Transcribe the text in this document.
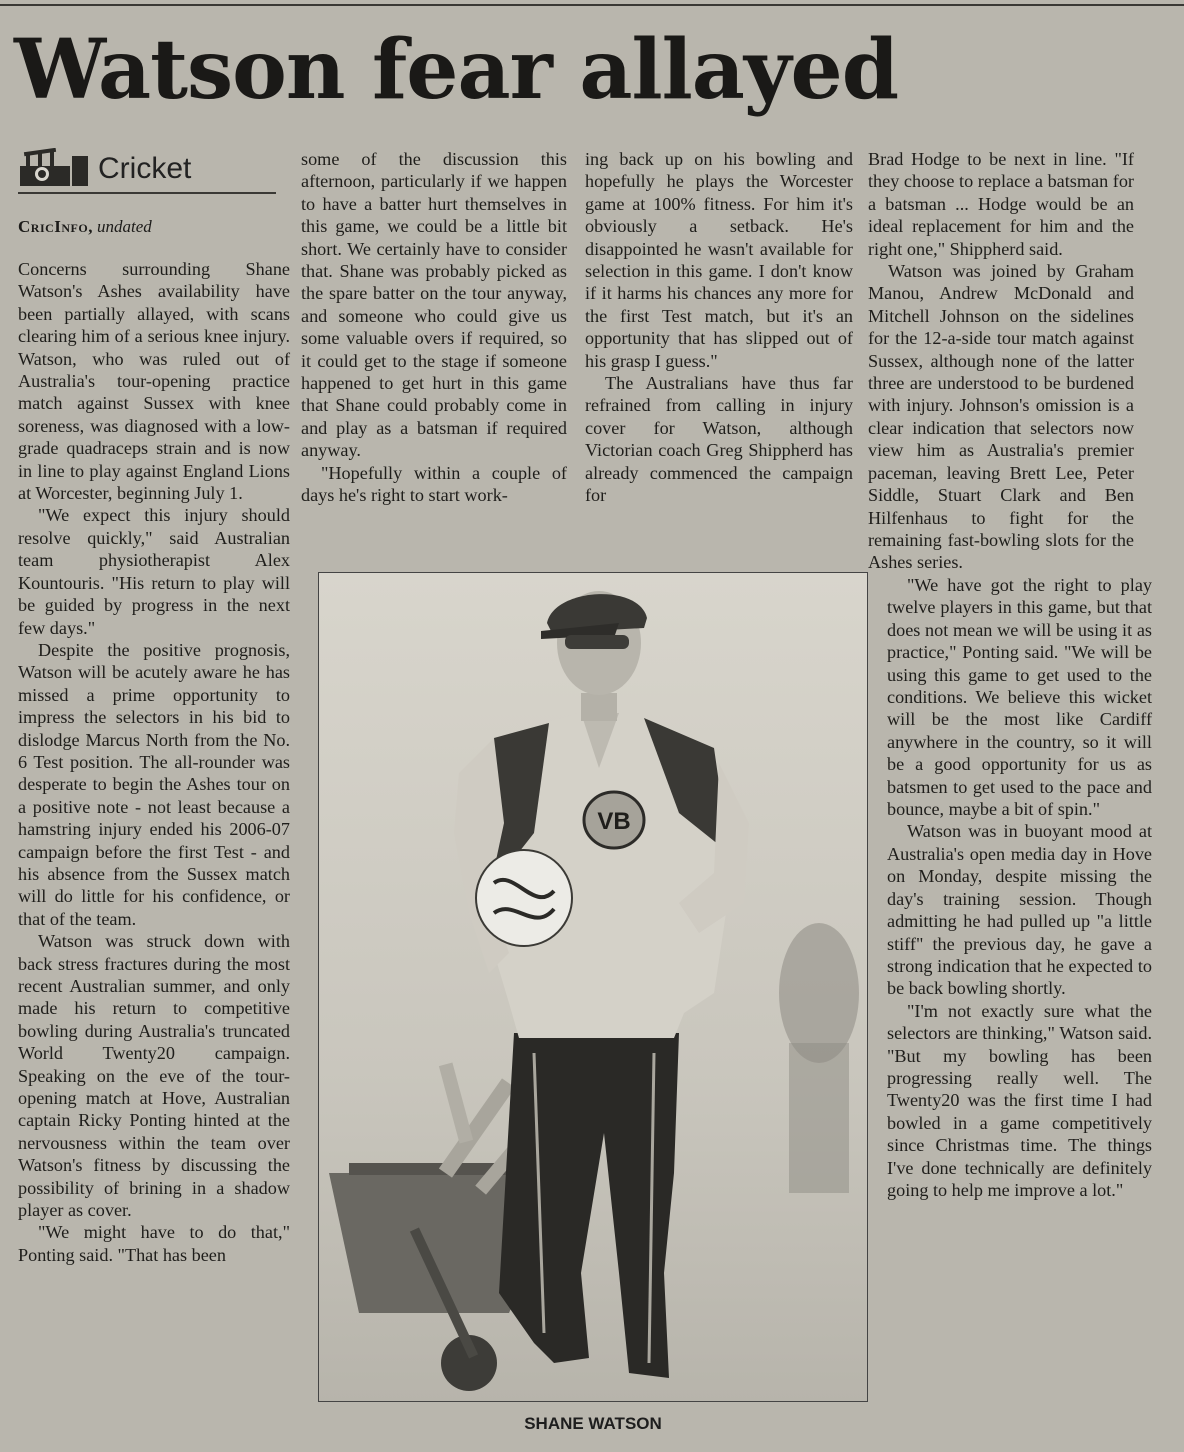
Watson fear allayed
Cricket
CricInfo, undated

Concerns surrounding Shane Watson's Ashes availability have been partially allayed, with scans clearing him of a serious knee injury. Watson, who was ruled out of Australia's tour-opening practice match against Sussex with knee soreness, was diagnosed with a low-grade quadraceps strain and is now in line to play against England Lions at Worcester, beginning July 1.

"We expect this injury should resolve quickly," said Australian team physiotherapist Alex Kountouris. "His return to play will be guided by progress in the next few days."

Despite the positive prognosis, Watson will be acutely aware he has missed a prime opportunity to impress the selectors in his bid to dislodge Marcus North from the No. 6 Test position. The all-rounder was desperate to begin the Ashes tour on a positive note - not least because a hamstring injury ended his 2006-07 campaign before the first Test - and his absence from the Sussex match will do little for his confidence, or that of the team.

Watson was struck down with back stress fractures during the most recent Australian summer, and only made his return to competitive bowling during Australia's truncated World Twenty20 campaign. Speaking on the eve of the tour-opening match at Hove, Australian captain Ricky Ponting hinted at the nervousness within the team over Watson's fitness by discussing the possibility of brining in a shadow player as cover.

"We might have to do that," Ponting said. "That has been

some of the discussion this afternoon, particularly if we happen to have a batter hurt themselves in this game, we could be a little bit short. We certainly have to consider that. Shane was probably picked as the spare batter on the tour anyway, and someone who could give us some valuable overs if required, so it could get to the stage if someone happened to get hurt in this game that Shane could probably come in and play as a batsman if required anyway.

"Hopefully within a couple of days he's right to start work-

ing back up on his bowling and hopefully he plays the Worcester game at 100% fitness. For him it's obviously a setback. He's disappointed he wasn't available for selection in this game. I don't know if it harms his chances any more for the first Test match, but it's an opportunity that has slipped out of his grasp I guess."

The Australians have thus far refrained from calling in injury cover for Watson, although Victorian coach Greg Shippherd has already commenced the campaign for

Brad Hodge to be next in line. "If they choose to replace a batsman for a batsman ... Hodge would be an ideal replacement for him and the right one," Shippherd said.

Watson was joined by Graham Manou, Andrew McDonald and Mitchell Johnson on the sidelines for the 12-a-side tour match against Sussex, although none of the latter three are understood to be burdened with injury. Johnson's omission is a clear indication that selectors now view him as Australia's premier paceman, leaving Brett Lee, Peter Siddle, Stuart Clark and Ben Hilfenhaus to fight for the remaining fast-bowling slots for the Ashes series.

"We have got the right to play twelve players in this game, but that does not mean we will be using it as practice," Ponting said. "We will be using this game to get used to the conditions. We believe this wicket will be the most like Cardiff anywhere in the country, so it will be a good opportunity for us as batsmen to get used to the pace and bounce, maybe a bit of spin."

Watson was in buoyant mood at Australia's open media day in Hove on Monday, despite missing the day's training session. Though admitting he had pulled up "a little stiff" the previous day, he gave a strong indication that he expected to be back bowling shortly.

"I'm not exactly sure what the selectors are thinking," Watson said. "But my bowling has been progressing really well. The Twenty20 was the first time I had bowled in a game competitively since Christmas time. The things I've done technically are definitely going to help me improve a lot."

VB
SHANE WATSON
